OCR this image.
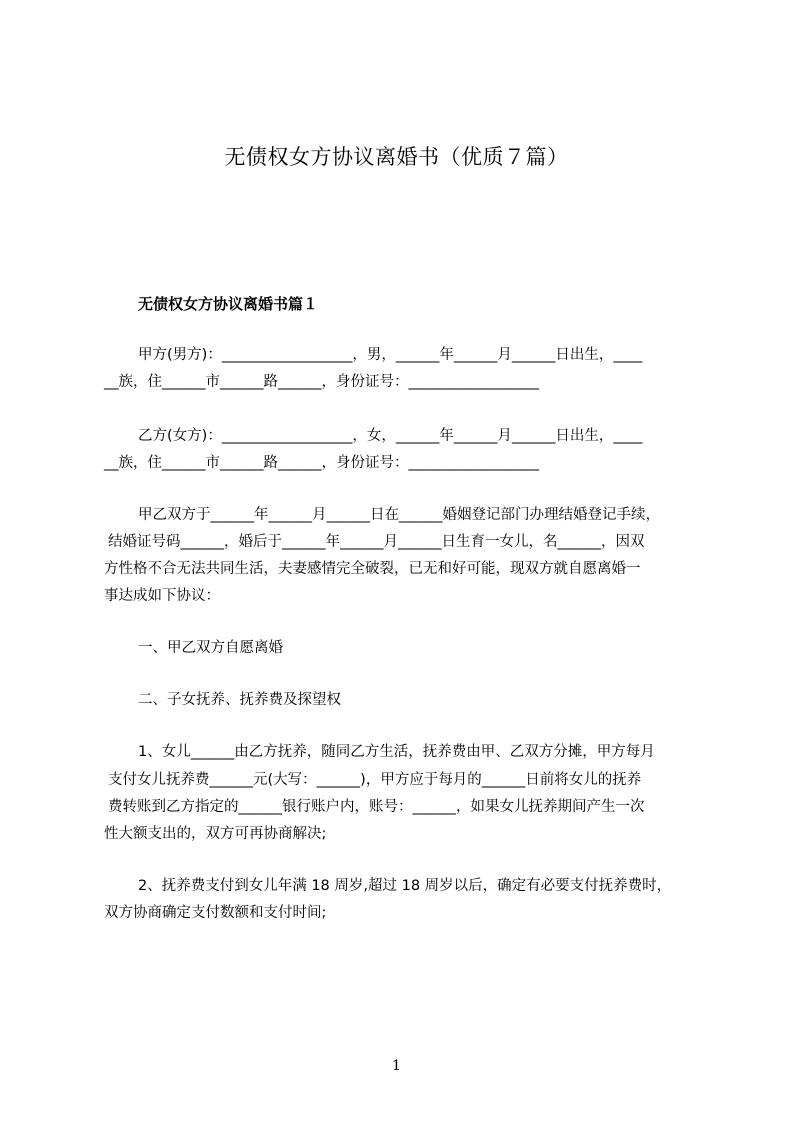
无债权女方协议离婚书（优质７篇）
无债权女方协议离婚书篇１
甲方(男方)：__________________，男，______年______月______日出生，____
__族，住______市______路______，身份证号：__________________
乙方(女方)：__________________，女，______年______月______日出生，____
__族，住______市______路______，身份证号：__________________
甲乙双方于______年______月______日在______婚姻登记部门办理结婚登记手续，
结婚证号码______，婚后于______年______月______日生育一女儿，名______，因双
方性格不合无法共同生活，夫妻感情完全破裂，已无和好可能，现双方就自愿离婚一
事达成如下协议：
一、甲乙双方自愿离婚
二、子女抚养、抚养费及探望权
1、女儿______由乙方抚养，随同乙方生活，抚养费由甲、乙双方分摊，甲方每月
支付女儿抚养费______元(大写：______)，甲方应于每月的______日前将女儿的抚养
费转账到乙方指定的______银行账户内，账号：______，如果女儿抚养期间产生一次
性大额支出的，双方可再协商解决;
2、抚养费支付到女儿年满 18 周岁,超过 18 周岁以后，确定有必要支付抚养费时，
双方协商确定支付数额和支付时间;
1
